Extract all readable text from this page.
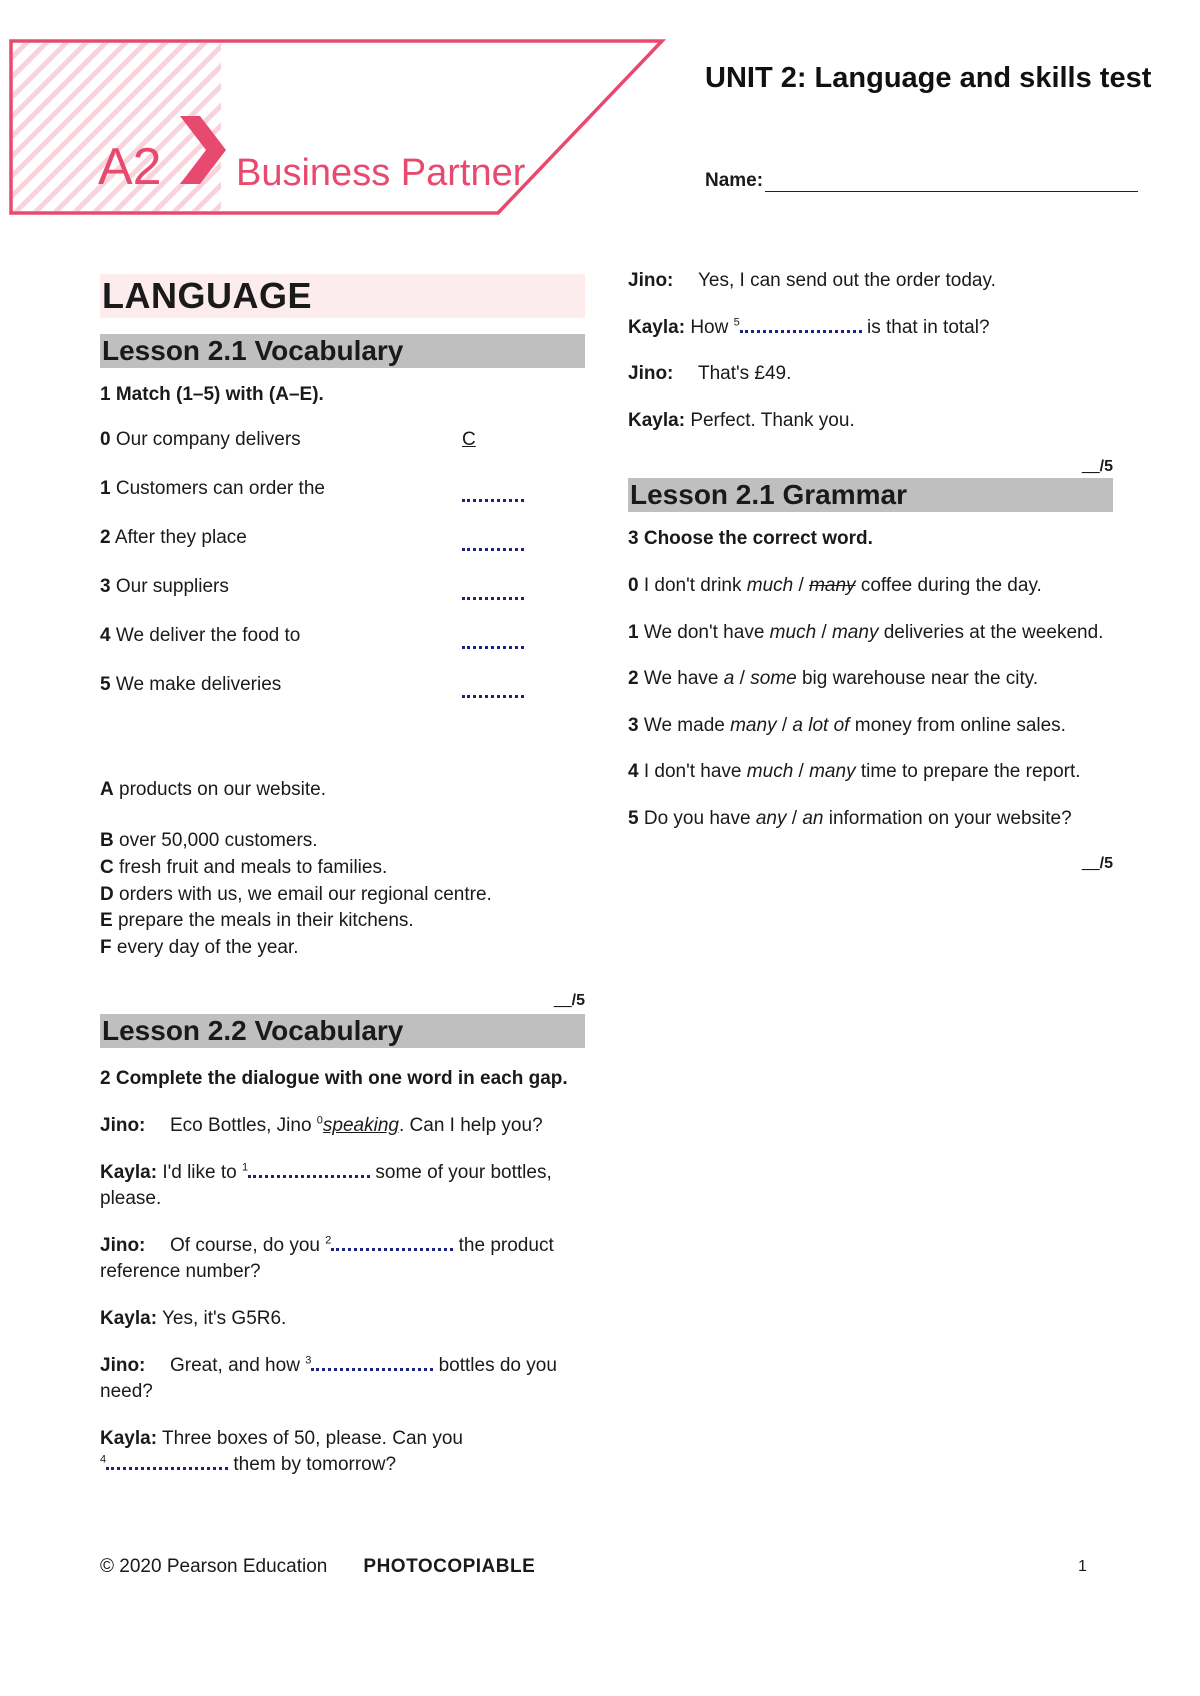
A2 Business Partner
UNIT 2: Language and skills test
Name:
LANGUAGE
Lesson 2.1 Vocabulary

1 Match (1–5) with (A–E).

0 Our company delivers	C
1 Customers can order the
2 After they place
3 Our suppliers
4 We deliver the food to
5 We make deliveries

A products on our website.

B over 50,000 customers.

C fresh fruit and meals to families.

D orders with us, we email our regional centre.

E prepare the meals in their kitchens.

F every day of the year.

__/5
Lesson 2.2 Vocabulary

2 Complete the dialogue with one word in each gap.

Jino: Eco Bottles, Jino $^0$speaking. Can I help you?

Kayla: I'd like to $^1$	some of your bottles, please.

Jino: Of course, do you $^2$	the product reference number?

Kayla: Yes, it's G5R6.

Jino: Great, and how $^3$	bottles do you need?

Kayla: Three boxes of 50, please. Can you
$^4$	them by tomorrow?

Jino: Yes, I can send out the order today.

Kayla: How $^5$	is that in total?

Jino: That's £49.

Kayla: Perfect. Thank you.

__/5
Lesson 2.1 Grammar

3 Choose the correct word.

0 I don't drink much / many coffee during the day.

1 We don't have much / many deliveries at the weekend.

2 We have a / some big warehouse near the city.

3 We made many / a lot of money from online sales.

4 I don't have much / many time to prepare the report.

5 Do you have any / an information on your website?

__/5
© 2020 Pearson Education PHOTOCOPIABLE	1
